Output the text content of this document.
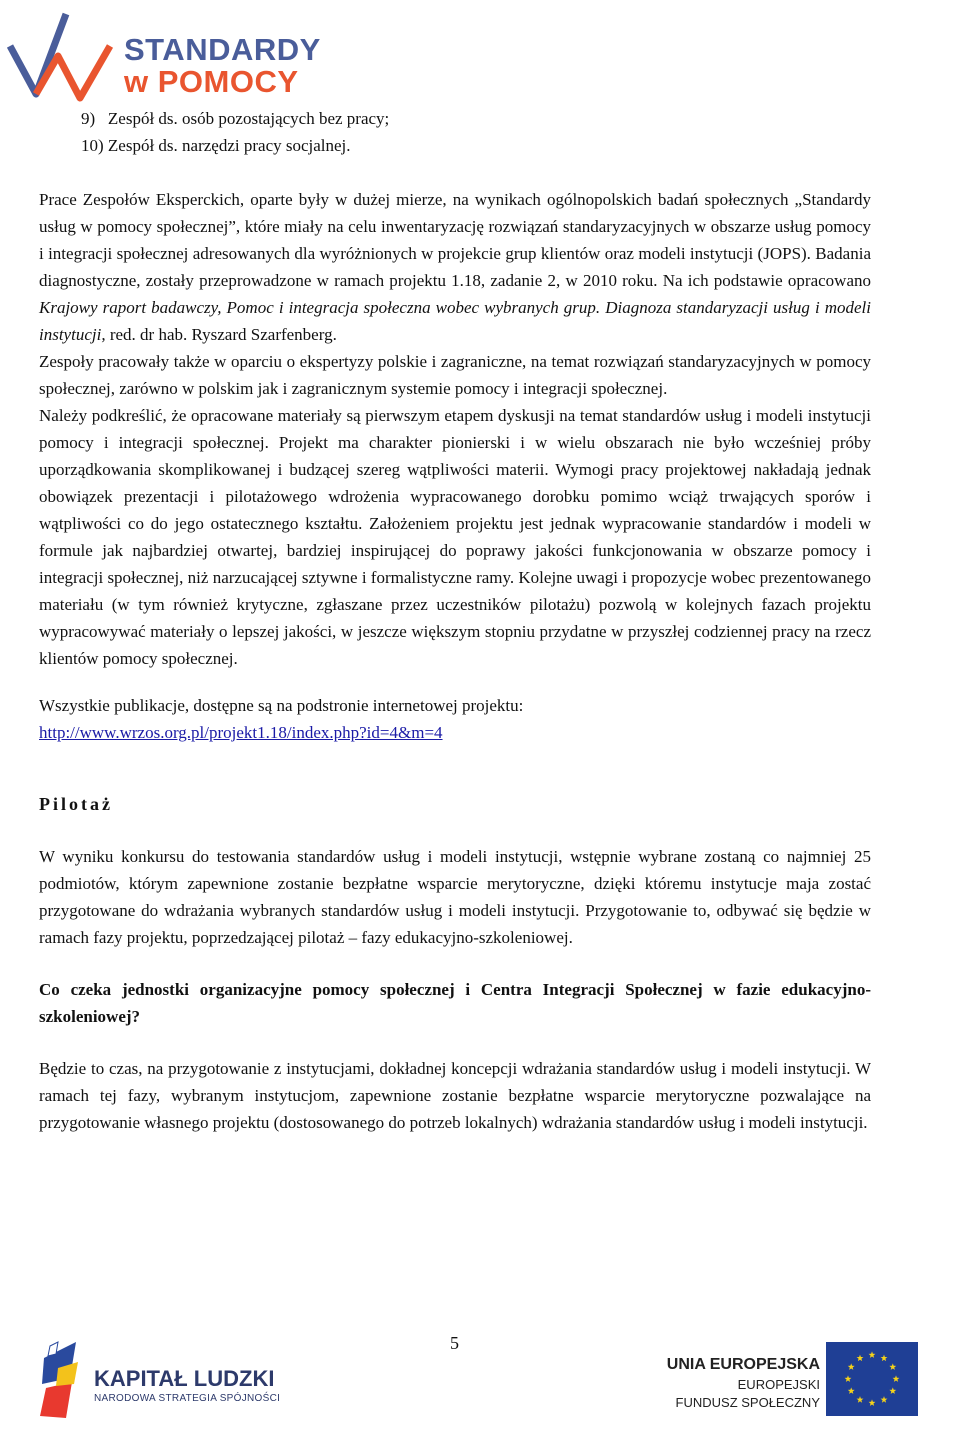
STANDARDY
w POMOCY
9)   Zespół ds. osób pozostających bez pracy;
10) Zespół ds. narzędzi pracy socjalnej.

Prace Zespołów Eksperckich, oparte były w dużej mierze, na wynikach ogólnopolskich badań społecznych „Standardy usług w pomocy społecznej”, które miały na celu inwentaryzację rozwiązań standaryzacyjnych w obszarze usług pomocy i integracji społecznej adresowanych dla wyróżnionych w projekcie grup klientów oraz modeli instytucji (JOPS). Badania diagnostyczne, zostały przeprowadzone w ramach projektu 1.18, zadanie 2, w 2010 roku. Na ich podstawie opracowano Krajowy raport badawczy, Pomoc i integracja społeczna wobec wybranych grup. Diagnoza standaryzacji usług i modeli instytucji, red. dr hab. Ryszard Szarfenberg.

Zespoły pracowały także w oparciu o ekspertyzy polskie i zagraniczne, na temat rozwiązań standaryzacyjnych w pomocy społecznej, zarówno w polskim jak i zagranicznym systemie pomocy i integracji społecznej.

Należy podkreślić, że opracowane materiały są pierwszym etapem dyskusji na temat standardów usług i modeli instytucji pomocy i integracji społecznej. Projekt ma charakter pionierski i w wielu obszarach nie było wcześniej próby uporządkowania skomplikowanej i budzącej szereg wątpliwości materii. Wymogi pracy projektowej nakładają jednak obowiązek prezentacji i pilotażowego wdrożenia wypracowanego dorobku pomimo wciąż trwających sporów i wątpliwości co do jego ostatecznego kształtu. Założeniem projektu jest jednak wypracowanie standardów i modeli w formule jak najbardziej otwartej, bardziej inspirującej do poprawy jakości funkcjonowania w obszarze pomocy i integracji społecznej, niż narzucającej sztywne i formalistyczne ramy. Kolejne uwagi i propozycje wobec prezentowanego materiału (w tym również krytyczne, zgłaszane przez uczestników pilotażu) pozwolą w kolejnych fazach projektu wypracowywać materiały o lepszej jakości, w jeszcze większym stopniu przydatne w przyszłej codziennej pracy na rzecz klientów pomocy społecznej.

Wszystkie publikacje, dostępne są na podstronie internetowej projektu:

http://www.wrzos.org.pl/projekt1.18/index.php?id=4&m=4

Pilotaż

W wyniku konkursu do testowania standardów usług i modeli instytucji, wstępnie wybrane zostaną co najmniej 25 podmiotów, którym zapewnione zostanie bezpłatne wsparcie merytoryczne, dzięki któremu instytucje maja zostać przygotowane do wdrażania wybranych standardów usług i modeli instytucji. Przygotowanie to, odbywać się będzie w ramach fazy projektu, poprzedzającej pilotaż – fazy edukacyjno-szkoleniowej.

Co czeka jednostki organizacyjne pomocy społecznej i Centra Integracji Społecznej w fazie edukacyjno-szkoleniowej?

Będzie to czas, na przygotowanie z instytucjami, dokładnej koncepcji wdrażania standardów usług i modeli instytucji. W ramach tej fazy, wybranym instytucjom, zapewnione zostanie bezpłatne wsparcie merytoryczne pozwalające na przygotowanie własnego projektu (dostosowanego do potrzeb lokalnych) wdrażania standardów usług i modeli instytucji.

5
KAPITAŁ LUDZKI
NARODOWA STRATEGIA SPÓJNOŚCI
UNIA EUROPEJSKA
EUROPEJSKI
FUNDUSZ SPOŁECZNY
